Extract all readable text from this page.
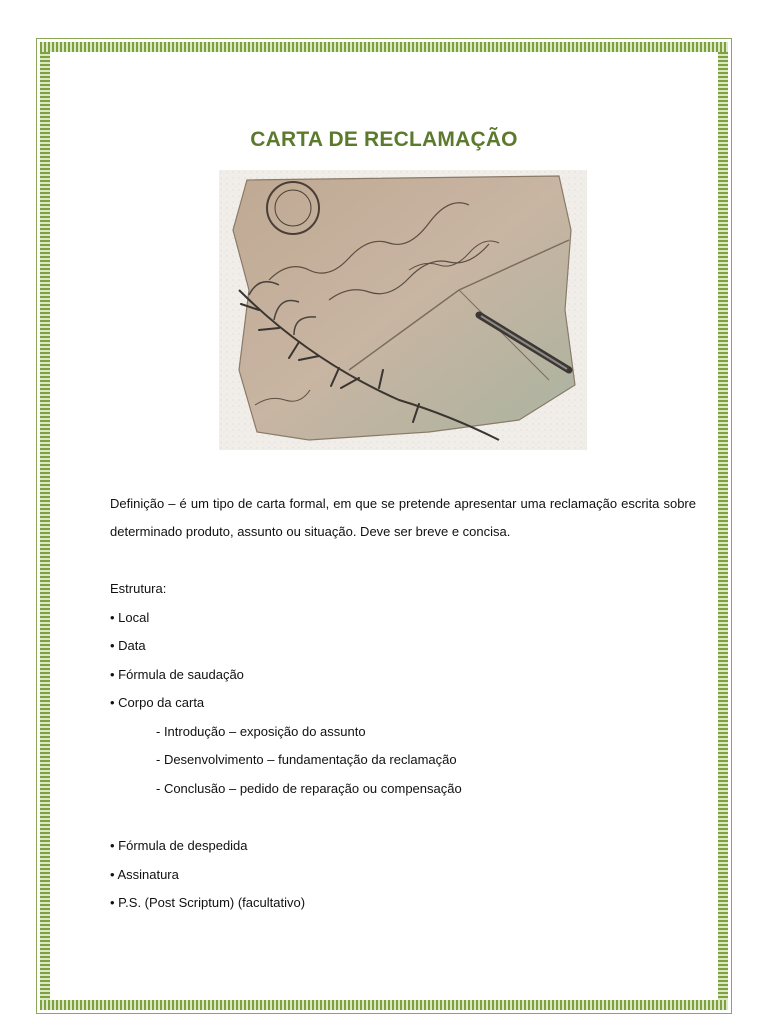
CARTA DE RECLAMAÇÃO
Definição – é um tipo de carta formal, em que se pretende apresentar uma reclamação escrita sobre determinado produto, assunto ou situação. Deve ser breve e concisa.

Estrutura:

• Local

• Data

• Fórmula de saudação

• Corpo da carta

- Introdução – exposição do assunto

- Desenvolvimento – fundamentação da reclamação

- Conclusão – pedido de reparação ou compensação

• Fórmula de despedida

• Assinatura

• P.S. (Post Scriptum) (facultativo)
